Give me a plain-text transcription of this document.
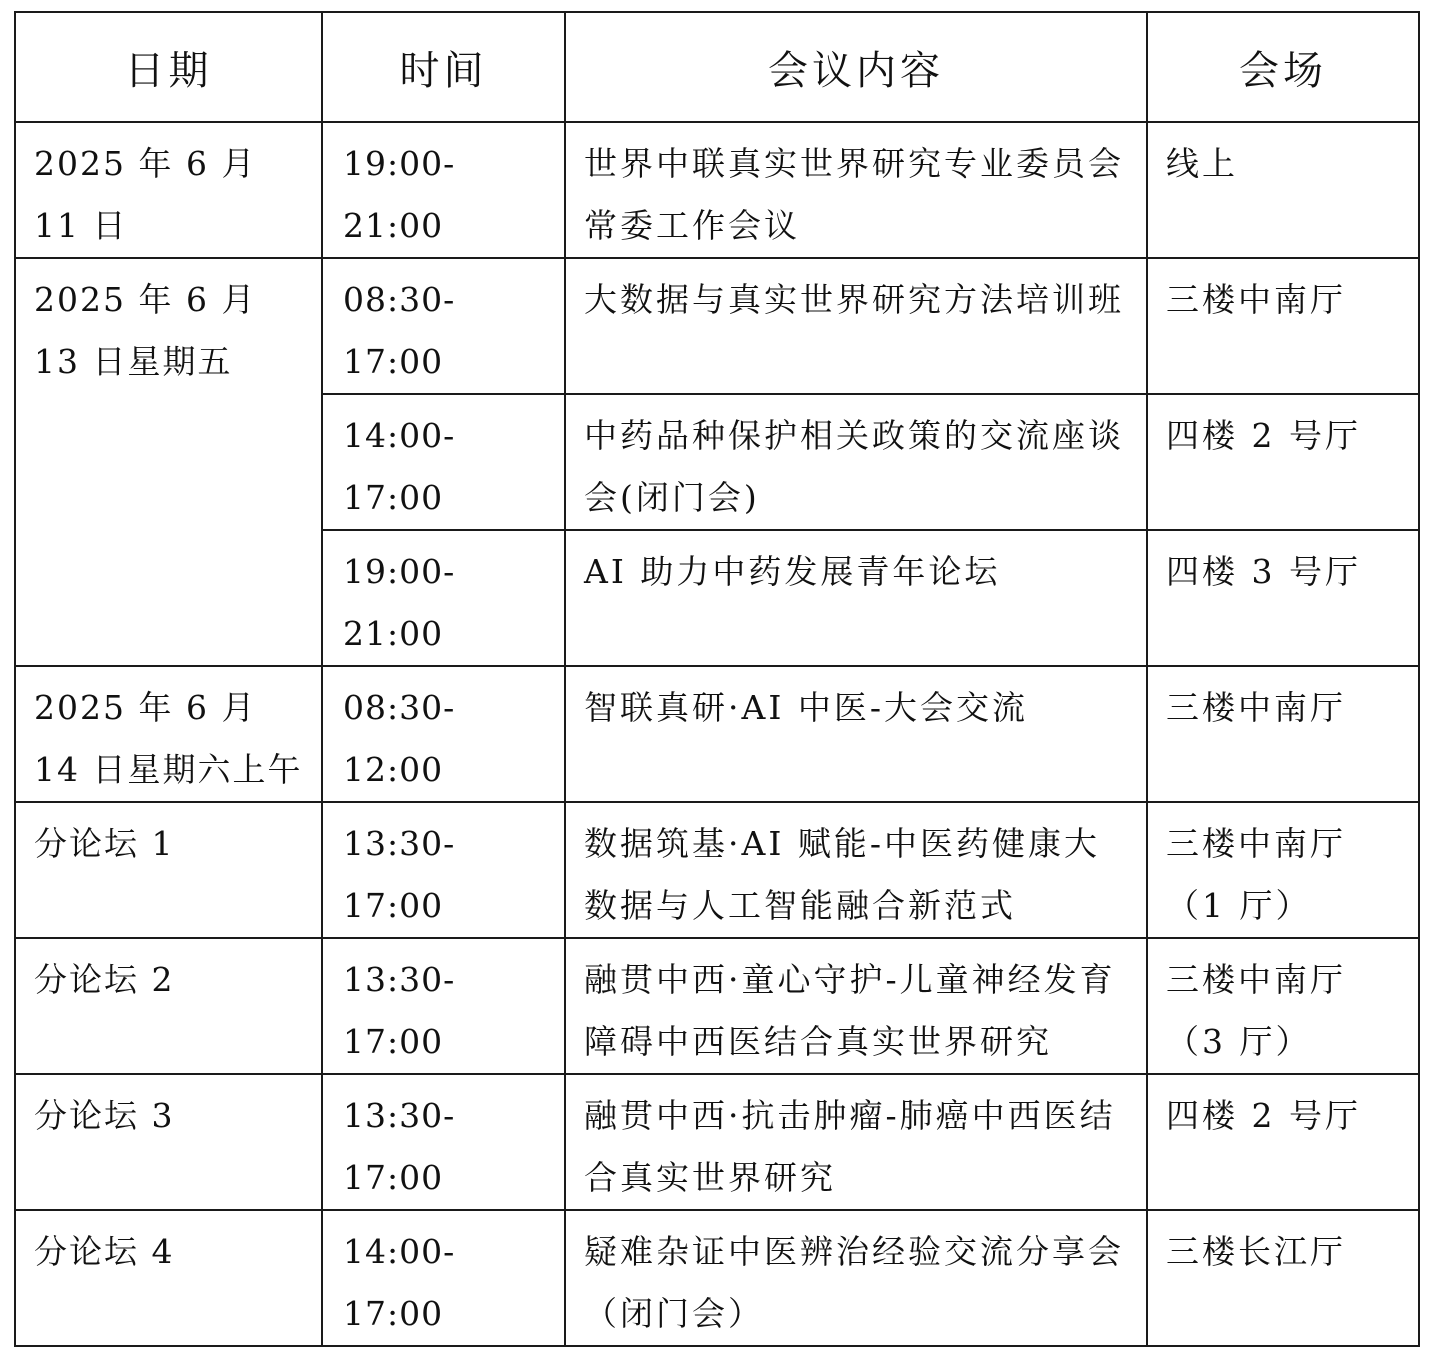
日期	时间	会议内容	会场
2025 年 6 月 11 日	19:00-21:00	世界中联真实世界研究专业委员会常委工作会议	线上
2025 年 6 月 13 日星期五	08:30-17:00	大数据与真实世界研究方法培训班	三楼中南厅
	14:00-17:00	中药品种保护相关政策的交流座谈会(闭门会)	四楼 2 号厅
	19:00-21:00	AI 助力中药发展青年论坛	四楼 3 号厅
2025 年 6 月 14 日星期六上午	08:30-12:00	智联真研·AI 中医-大会交流	三楼中南厅
分论坛 1	13:30-17:00	数据筑基·AI 赋能-中医药健康大数据与人工智能融合新范式	三楼中南厅（1 厅）
分论坛 2	13:30-17:00	融贯中西·童心守护-儿童神经发育障碍中西医结合真实世界研究	三楼中南厅（3 厅）
分论坛 3	13:30-17:00	融贯中西·抗击肿瘤-肺癌中西医结合真实世界研究	四楼 2 号厅
分论坛 4	14:00-17:00	疑难杂证中医辨治经验交流分享会（闭门会）	三楼长江厅
